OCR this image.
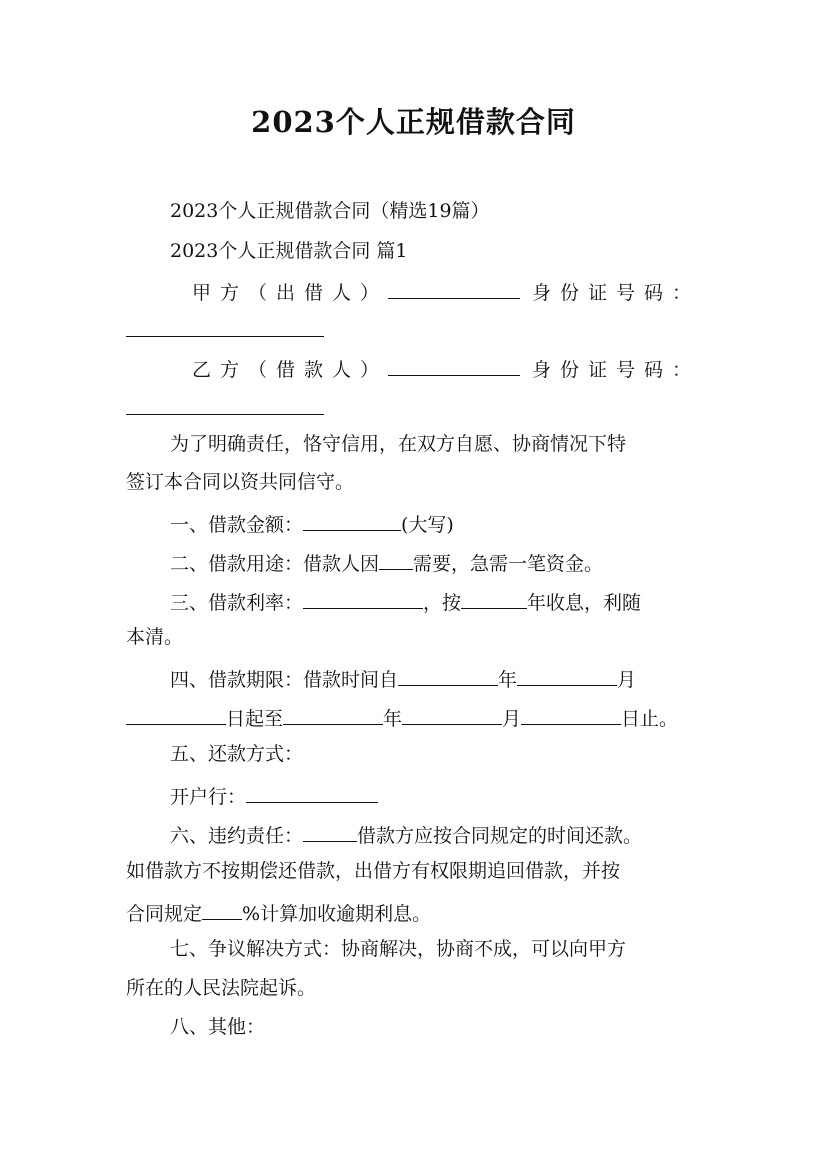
2023个人正规借款合同
2023个人正规借款合同（精选19篇）
2023个人正规借款合同 篇1
甲方（出借人）	身份证号码：
乙方（借款人）	身份证号码：
为了明确责任，恪守信用，在双方自愿、协商情况下特
签订本合同以资共同信守。
一、借款金额：	(大写)
二、借款用途：借款人因 需要，急需一笔资金。
三、借款利率：	，按	年收息，利随
本清。
四、借款期限：借款时间自	年	月
日起至	年	月	日止。
五、还款方式：
开户行：
六、违约责任：	借款方应按合同规定的时间还款。
如借款方不按期偿还借款，出借方有权限期追回借款，并按
合同规定 %计算加收逾期利息。
七、争议解决方式：协商解决，协商不成，可以向甲方
所在的人民法院起诉。
八、其他：
